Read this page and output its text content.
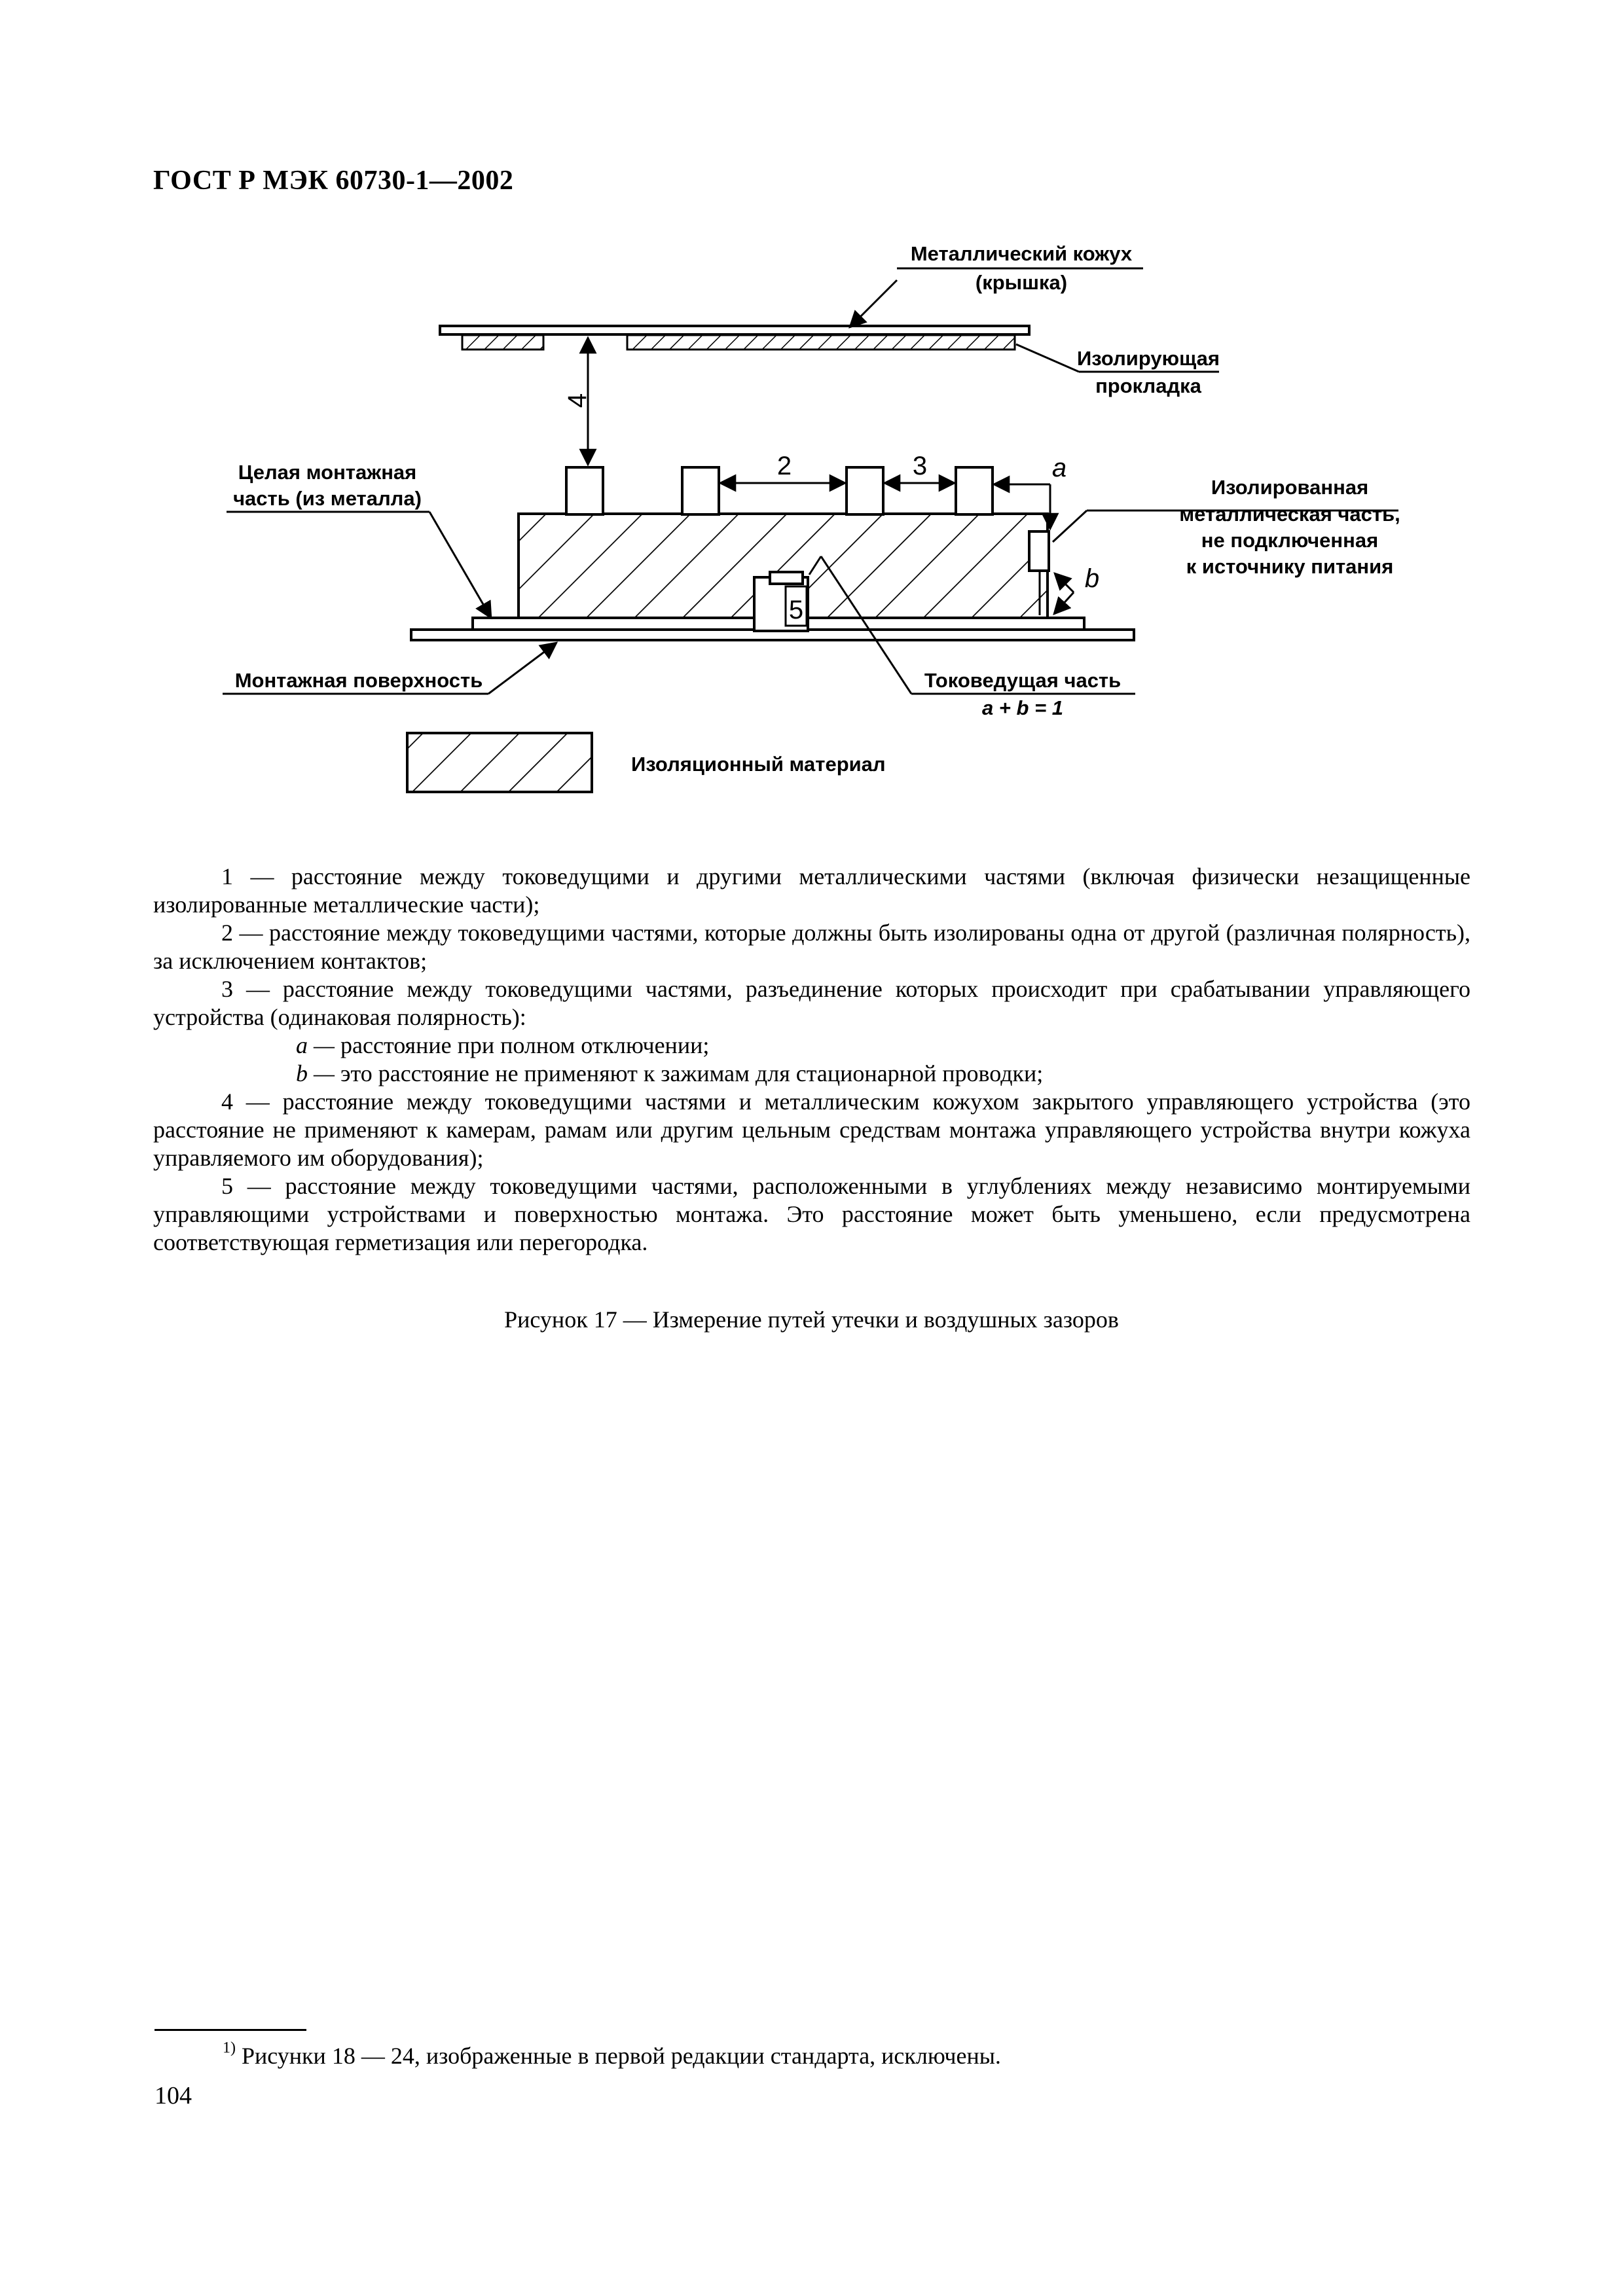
ГОСТ Р МЭК 60730-1—2002
4
2	3	a
b
5
Металлический кожух
(крышка)
Изолирующая
прокладка
Целая монтажная
часть (из металла)	Изолированная
металлическая часть,
не подключенная
к источнику питания
Монтажная поверхность	Токоведущая часть
a + b = 1
Изоляционный материал

1 — расстояние между токоведущими и другими металлическими частями (включая физически незащищенные изолированные металлические части);

2 — расстояние между токоведущими частями, которые должны быть изолированы одна от другой (различная полярность), за исключением контактов;

3 — расстояние между токоведущими частями, разъединение которых происходит при срабатывании управляющего устройства (одинаковая полярность):

a — расстояние при полном отключении;

b — это расстояние не применяют к зажимам для стационарной проводки;

4 — расстояние между токоведущими частями и металлическим кожухом закрытого управляющего устройства (это расстояние не применяют к камерам, рамам или другим цельным средствам монтажа управляющего устройства внутри кожуха управляемого им оборудования);

5 — расстояние между токоведущими частями, расположенными в углублениях между независимо монтируемыми управляющими устройствами и поверхностью монтажа. Это расстояние может быть уменьшено, если предусмотрена соответствующая герметизация или перегородка.

Рисунок 17 — Измерение путей утечки и воздушных зазоров
$^{1)}$ Рисунки 18 — 24, изображенные в первой редакции стандарта, исключены.
104
